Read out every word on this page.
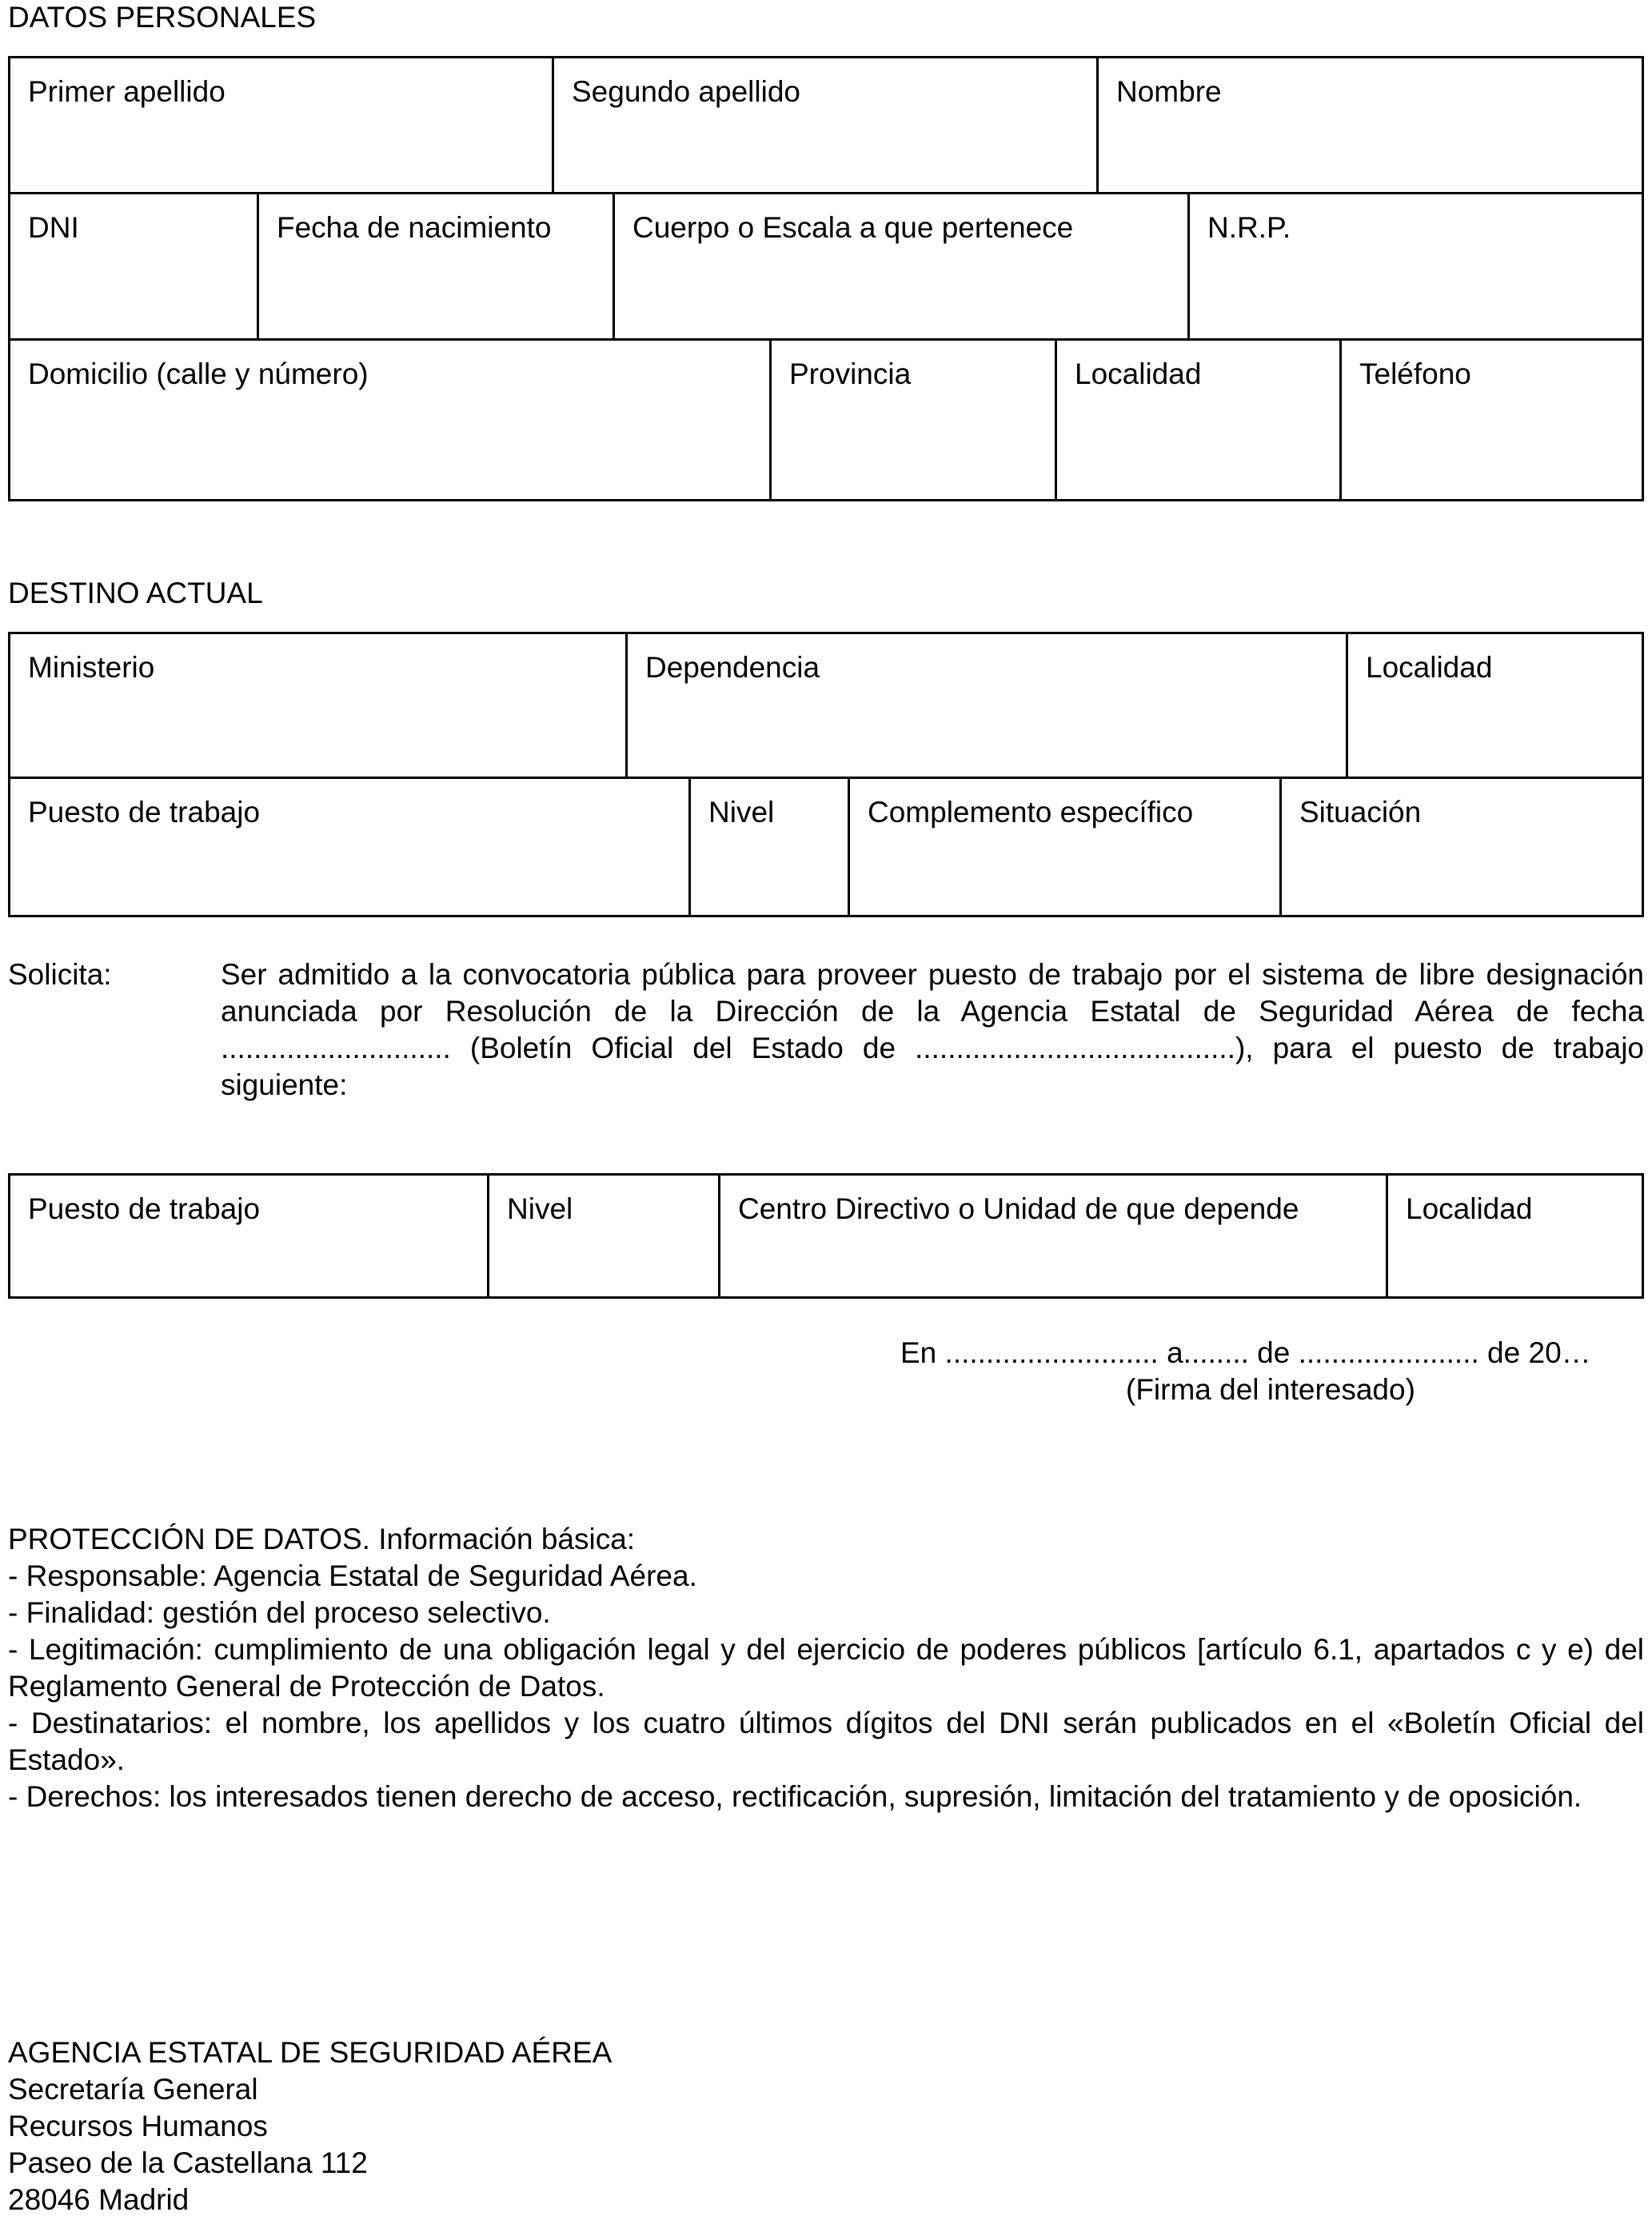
DATOS PERSONALES
Primer apellido	Segundo apellido	Nombre
DNI	Fecha de nacimiento	Cuerpo o Escala a que pertenece	N.R.P.
Domicilio (calle y número)	Provincia	Localidad	Teléfono
DESTINO ACTUAL
Ministerio	Dependencia	Localidad
Puesto de trabajo	Nivel	Complemento específico	Situación
Solicita:	Ser admitido a la convocatoria pública para proveer puesto de trabajo por el sistema de libre designación anunciada por Resolución de la Dirección de la Agencia Estatal de Seguridad Aérea de fecha ............................ (Boletín Oficial del Estado de .......................................), para el puesto de trabajo siguiente:
Puesto de trabajo	Nivel	Centro Directivo o Unidad de que depende	Localidad
En .......................... a........ de ...................... de 20…
(Firma del interesado)
PROTECCIÓN DE DATOS. Información básica:
- Responsable: Agencia Estatal de Seguridad Aérea.
- Finalidad: gestión del proceso selectivo.
- Legitimación: cumplimiento de una obligación legal y del ejercicio de poderes públicos [artículo 6.1, apartados c y e) del Reglamento General de Protección de Datos.
- Destinatarios: el nombre, los apellidos y los cuatro últimos dígitos del DNI serán publicados en el «Boletín Oficial del Estado».
- Derechos: los interesados tienen derecho de acceso, rectificación, supresión, limitación del tratamiento y de oposición.
AGENCIA ESTATAL DE SEGURIDAD AÉREA
Secretaría General
Recursos Humanos
Paseo de la Castellana 112
28046 Madrid
